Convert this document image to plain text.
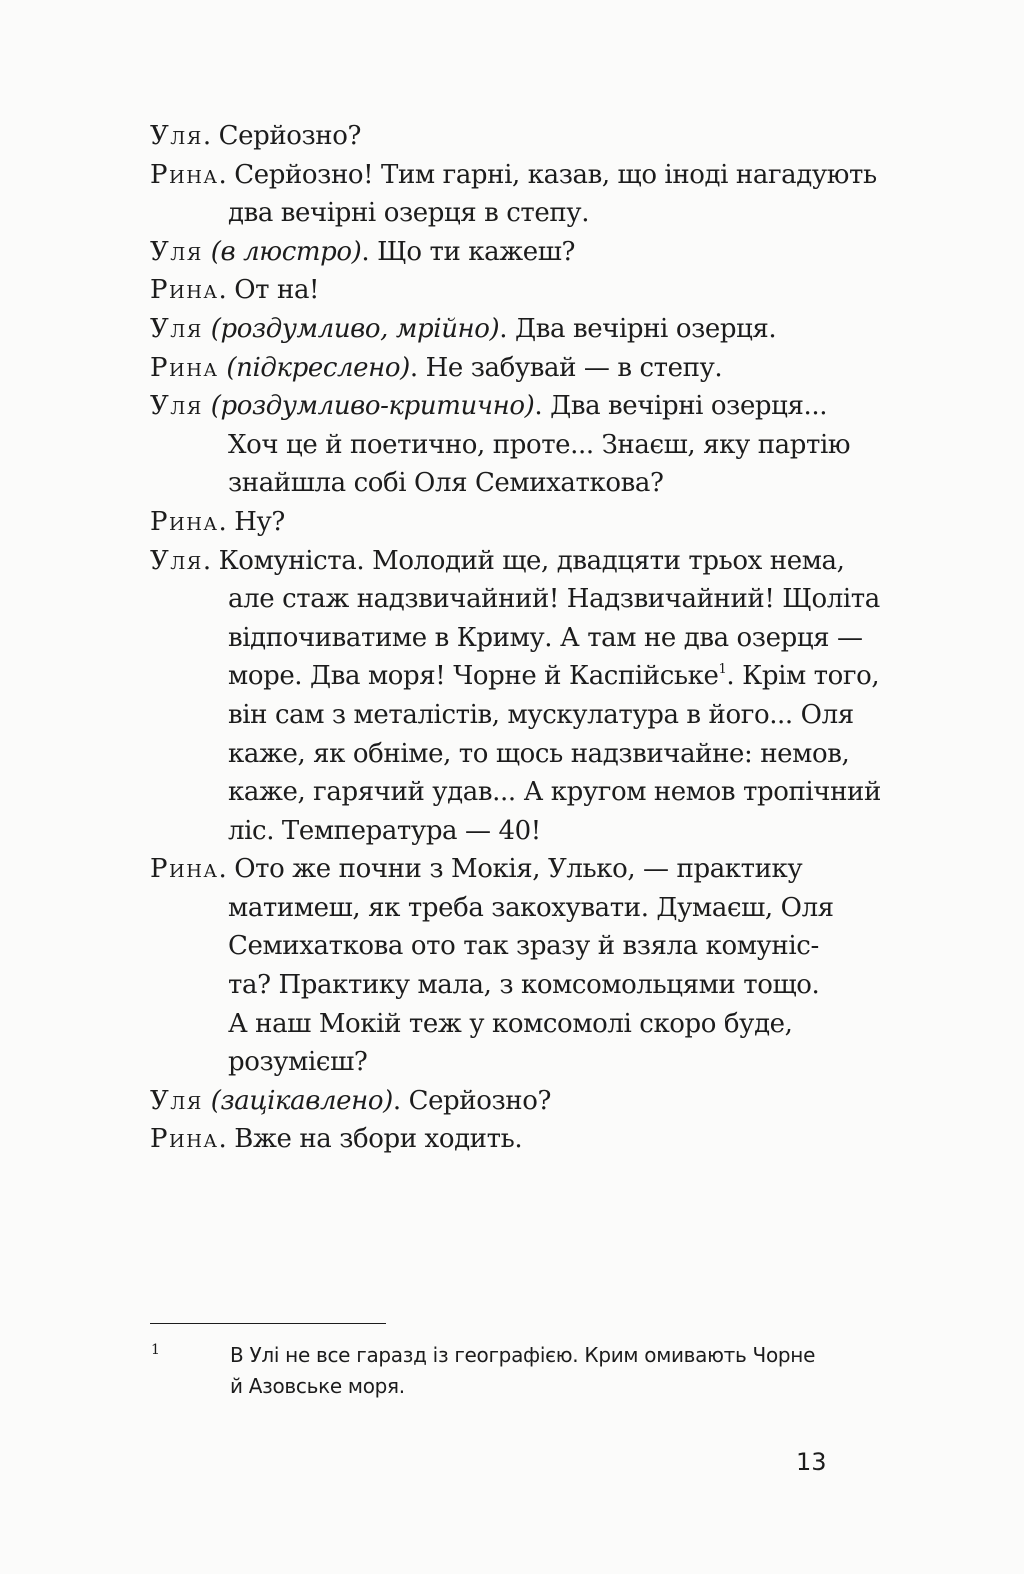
Уля. Серйозно?
Рина. Серйозно! Тим гарні, казав, що іноді нагадують
два вечірні озерця в степу.
Уля (в люстро). Що ти кажеш?
Рина. От на!
Уля (роздумливо, мрійно). Два вечірні озерця.
Рина (підкреслено). Не забувай — в степу.
Уля (роздумливо-критично). Два вечірні озерця...
Хоч це й поетично, проте... Знаєш, яку партію
знайшла собі Оля Семихаткова?
Рина. Ну?
Уля. Комуніста. Молодий ще, двадцяти трьох нема,
але стаж надзвичайний! Надзвичайний! Щоліта
відпочиватиме в Криму. А там не два озерця —
море. Два моря! Чорне й Каспійське$^1$. Крім того,
він сам з металістів, мускулатура в його... Оля
каже, як обніме, то щось надзвичайне: немов,
каже, гарячий удав... А кругом немов тропічний
ліс. Температура — 40!
Рина. Ото же почни з Мокія, Улько, — практику
матимеш, як треба закохувати. Думаєш, Оля
Семихаткова ото так зразу й взяла комуніс-
та? Практику мала, з комсомольцями тощо.
А наш Мокій теж у комсомолі скоро буде,
розумієш?
Уля (зацікавлено). Серйозно?
Рина. Вже на збори ходить.
1	В Улі не все гаразд із географією. Крим омивають Чорне
й Азовське моря.
13
